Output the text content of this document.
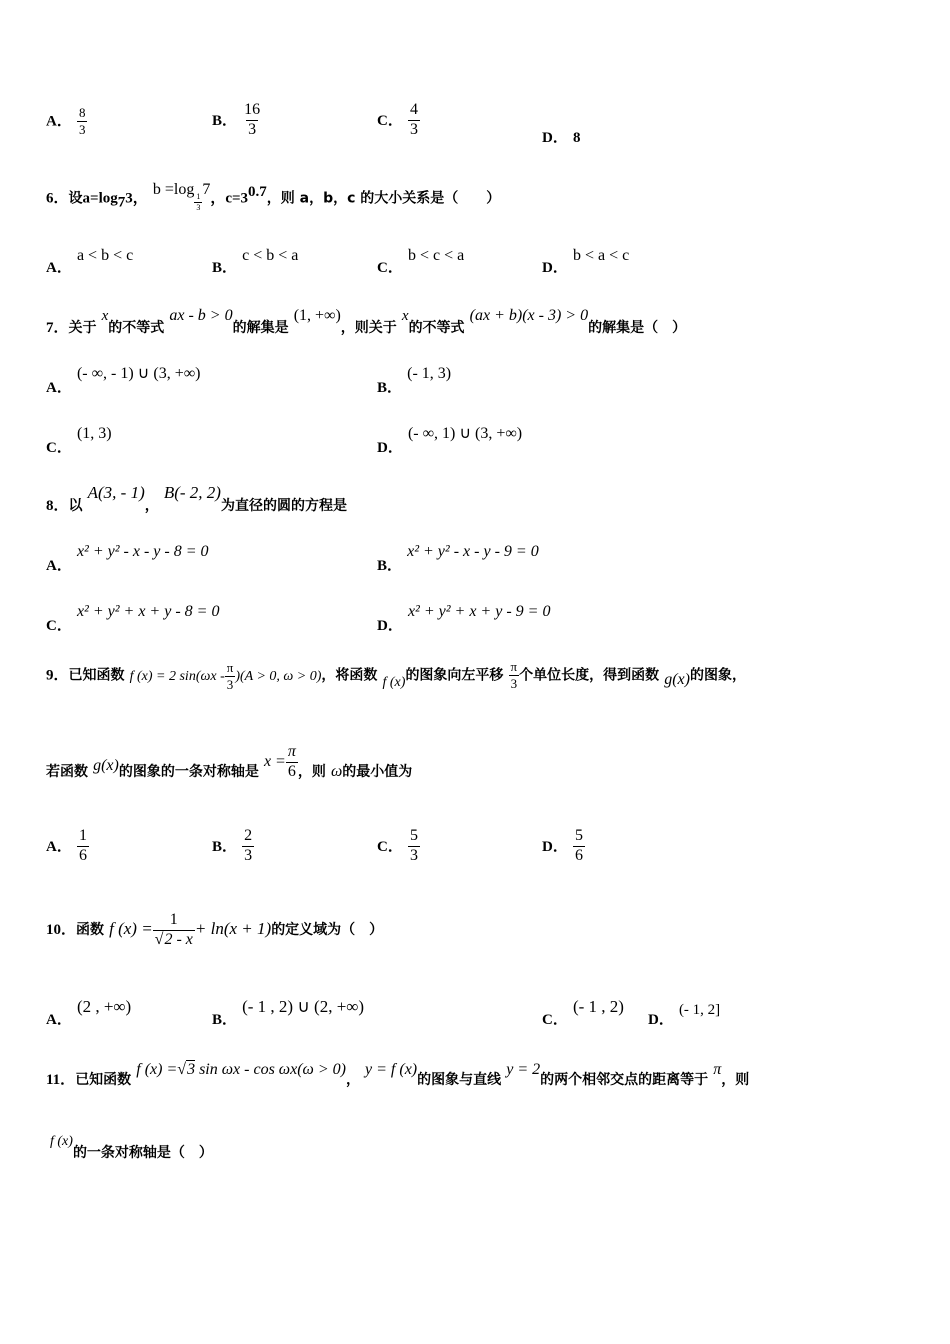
A． $\frac{8}{3}$	B． $\frac{16}{3}$	C． $\frac{4}{3}$	D． 8
6．设$a=\log_73$， b =log
$\frac{1}{3}$
7，$c=3^{0.7}$，则 a，b，c 的大小关系是（　　）
A． a < b < c
B． c < b < a
C． b < c < a
D． b < a < c
7．关于 x的不等式 ax - b > 0的解集是 (1, +∞)，则关于 x的不等式 (ax + b)(x - 3) > 0的解集是（　）
A． (- ∞, - 1) ∪ (3, +∞)
B． (- 1, 3)
C． (1, 3)
D． (- ∞, 1) ∪ (3, +∞)
8．以 A(3, - 1)， B(- 2, 2)为直径的圆的方程是
A． x² + y² - x - y - 8 = 0
B． x² + y² - x - y - 9 = 0
C． x² + y² + x + y - 8 = 0
D． x² + y² + x + y - 9 = 0
9．已知函数 f (x) = 2 $\sin(\omega x - \frac{\pi}{3} )(A > 0$, ω > 0)，将函数 f (x)的图象向左平移 $\frac{\pi}{3}$ 个单位长度，得到函数 g(x)的图象，
若函数 g(x)的图象的一条对称轴是 $x = \frac{\pi}{6}$ ，则 ω的最小值为
A． $\frac{1}{6}$	B． $\frac{2}{3}$	C． $\frac{5}{3}$	D． $\frac{5}{6}$
10．函数 f $(x) = \frac{1}{√2 - x} + \ln(x + 1)$的定义域为（　）
A． (2 , +∞)
B． (- 1 , 2) ∪ (2, +∞)
C． (- 1 , 2)
D． (- 1, 2]
11．已知函数 f (x) =√3 sin ωx - cos ωx(ω > 0)， y = f (x)的图象与直线 y = 2的两个相邻交点的距离等于 π，则
f (x)的一条对称轴是（　）
